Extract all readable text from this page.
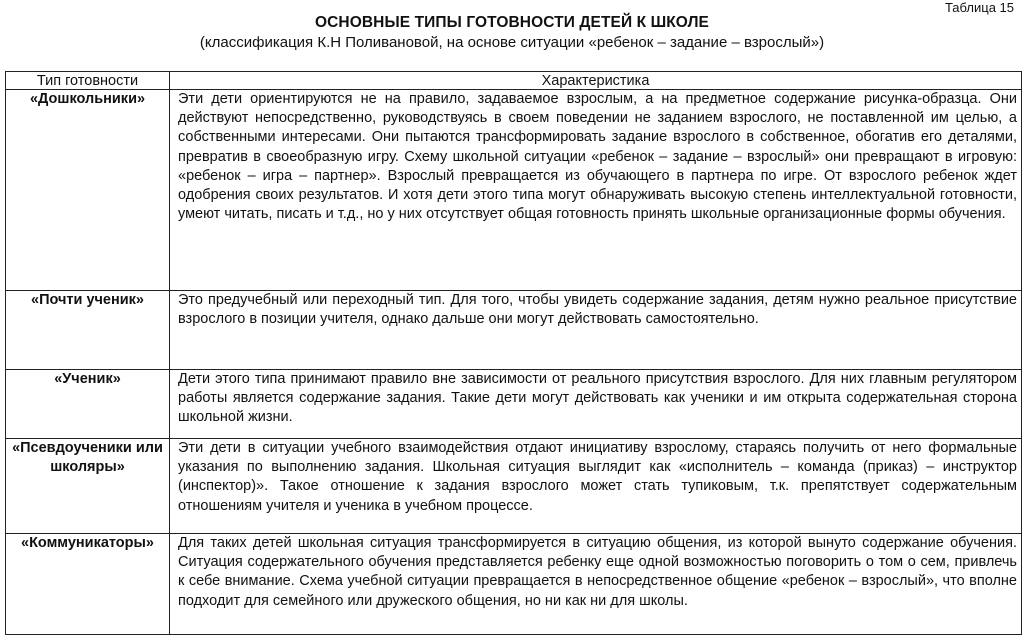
Таблица 15
ОСНОВНЫЕ ТИПЫ ГОТОВНОСТИ ДЕТЕЙ К ШКОЛЕ
(классификация К.Н Поливановой, на основе ситуации «ребенок – задание – взрослый»)
Тип готовности	Характеристика
«Дошкольники»	Эти дети ориентируются не на правило, задаваемое взрослым, а на предметное содержание рисунка-образца. Они действуют непосредственно, руководствуясь в своем поведении не заданием взрослого, не поставленной им целью, а собственными интересами. Они пытаются трансформировать задание взрослого в собственное, обогатив его деталями, превратив в своеобразную игру. Схему школьной ситуации «ребенок – задание – взрослый» они превращают в игровую: «ребенок – игра – партнер». Взрослый превращается из обучающего в партнера по игре. От взрослого ребенок ждет одобрения своих результатов. И хотя дети этого типа могут обнаруживать высокую степень интеллектуальной готовности, умеют читать, писать и т.д., но у них отсутствует общая готовность принять школьные организационные формы обучения.
«Почти ученик»	Это предучебный или переходный тип. Для того, чтобы увидеть содержание задания, детям нужно реальное присутствие взрослого в позиции учителя, однако дальше они могут действовать самостоятельно.
«Ученик»	Дети этого типа принимают правило вне зависимости от реального присутствия взрослого. Для них главным регулятором работы является содержание задания. Такие дети могут действовать как ученики и им открыта содержательная сторона школьной жизни.
«Псевдоученики или школяры»	Эти дети в ситуации учебного взаимодействия отдают инициативу взрослому, стараясь получить от него формальные указания по выполнению задания. Школьная ситуация выглядит как «исполнитель – команда (приказ) – инструктор (инспектор)». Такое отношение к задания взрослого может стать тупиковым, т.к. препятствует содержательным отношениям учителя и ученика в учебном процессе.
«Коммуникаторы»	Для таких детей школьная ситуация трансформируется в ситуацию общения, из которой вынуто содержание обучения. Ситуация содержательного обучения представляется ребенку еще одной возможностью поговорить о том о сем, привлечь к себе внимание. Схема учебной ситуации превращается в непосредственное общение «ребенок – взрослый», что вполне подходит для семейного или дружеского общения, но ни как ни для школы.
